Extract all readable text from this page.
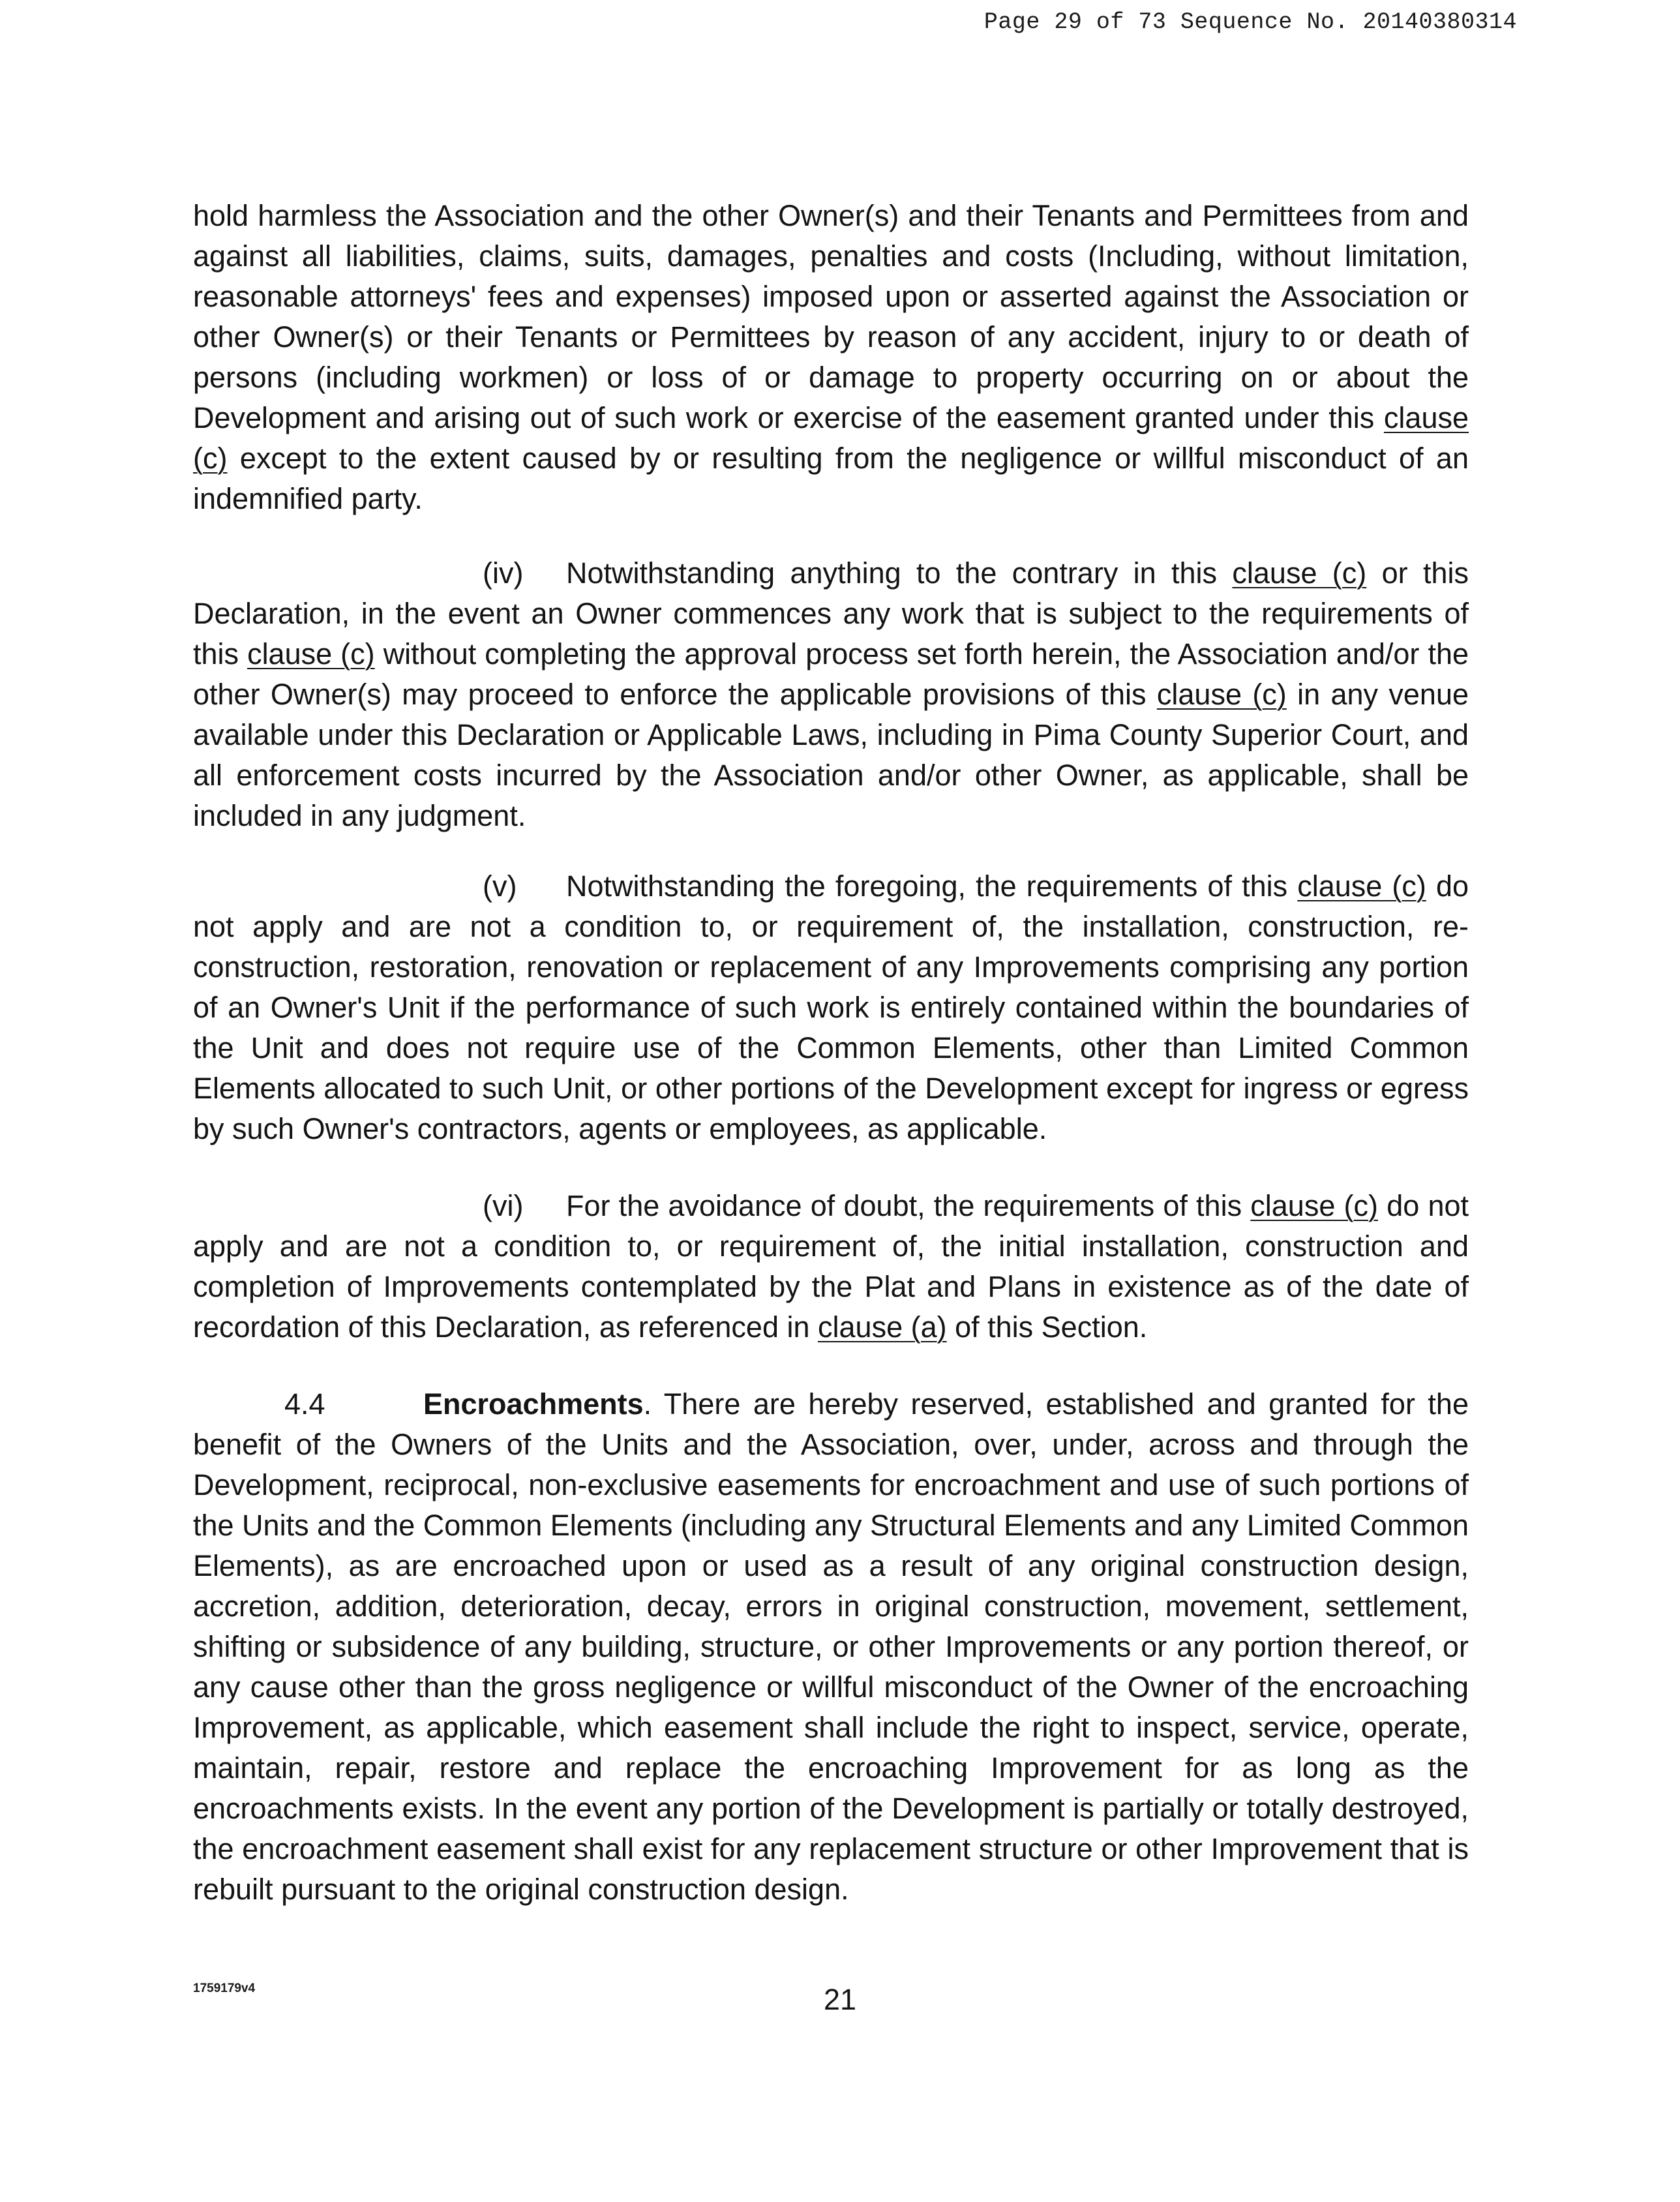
Page 29 of 73 Sequence No. 20140380314

hold harmless the Association and the other Owner(s) and their Tenants and Permittees from and against all liabilities, claims, suits, damages, penalties and costs (Including, without limitation, reasonable attorneys' fees and expenses) imposed upon or asserted against the Association or other Owner(s) or their Tenants or Permittees by reason of any accident, injury to or death of persons (including workmen) or loss of or damage to property occurring on or about the Development and arising out of such work or exercise of the easement granted under this clause (c) except to the extent caused by or resulting from the negligence or willful misconduct of an indemnified party.

(iv) Notwithstanding anything to the contrary in this clause (c) or this Declaration, in the event an Owner commences any work that is subject to the requirements of this clause (c) without completing the approval process set forth herein, the Association and/or the other Owner(s) may proceed to enforce the applicable provisions of this clause (c) in any venue available under this Declaration or Applicable Laws, including in Pima County Superior Court, and all enforcement costs incurred by the Association and/or other Owner, as applicable, shall be included in any judgment.

(v) Notwithstanding the foregoing, the requirements of this clause (c) do not apply and are not a condition to, or requirement of, the installation, construction, re-construction, restoration, renovation or replacement of any Improvements comprising any portion of an Owner's Unit if the performance of such work is entirely contained within the boundaries of the Unit and does not require use of the Common Elements, other than Limited Common Elements allocated to such Unit, or other portions of the Development except for ingress or egress by such Owner's contractors, agents or employees, as applicable.

(vi) For the avoidance of doubt, the requirements of this clause (c) do not apply and are not a condition to, or requirement of, the initial installation, construction and completion of Improvements contemplated by the Plat and Plans in existence as of the date of recordation of this Declaration, as referenced in clause (a) of this Section.

4.4	Encroachments. There are hereby reserved, established and granted for the benefit of the Owners of the Units and the Association, over, under, across and through the Development, reciprocal, non-exclusive easements for encroachment and use of such portions of the Units and the Common Elements (including any Structural Elements and any Limited Common Elements), as are encroached upon or used as a result of any original construction design, accretion, addition, deterioration, decay, errors in original construction, movement, settlement, shifting or subsidence of any building, structure, or other Improvements or any portion thereof, or any cause other than the gross negligence or willful misconduct of the Owner of the encroaching Improvement, as applicable, which easement shall include the right to inspect, service, operate, maintain, repair, restore and replace the encroaching Improvement for as long as the encroachments exists. In the event any portion of the Development is partially or totally destroyed, the encroachment easement shall exist for any replacement structure or other Improvement that is rebuilt pursuant to the original construction design.

1759179v4	21
